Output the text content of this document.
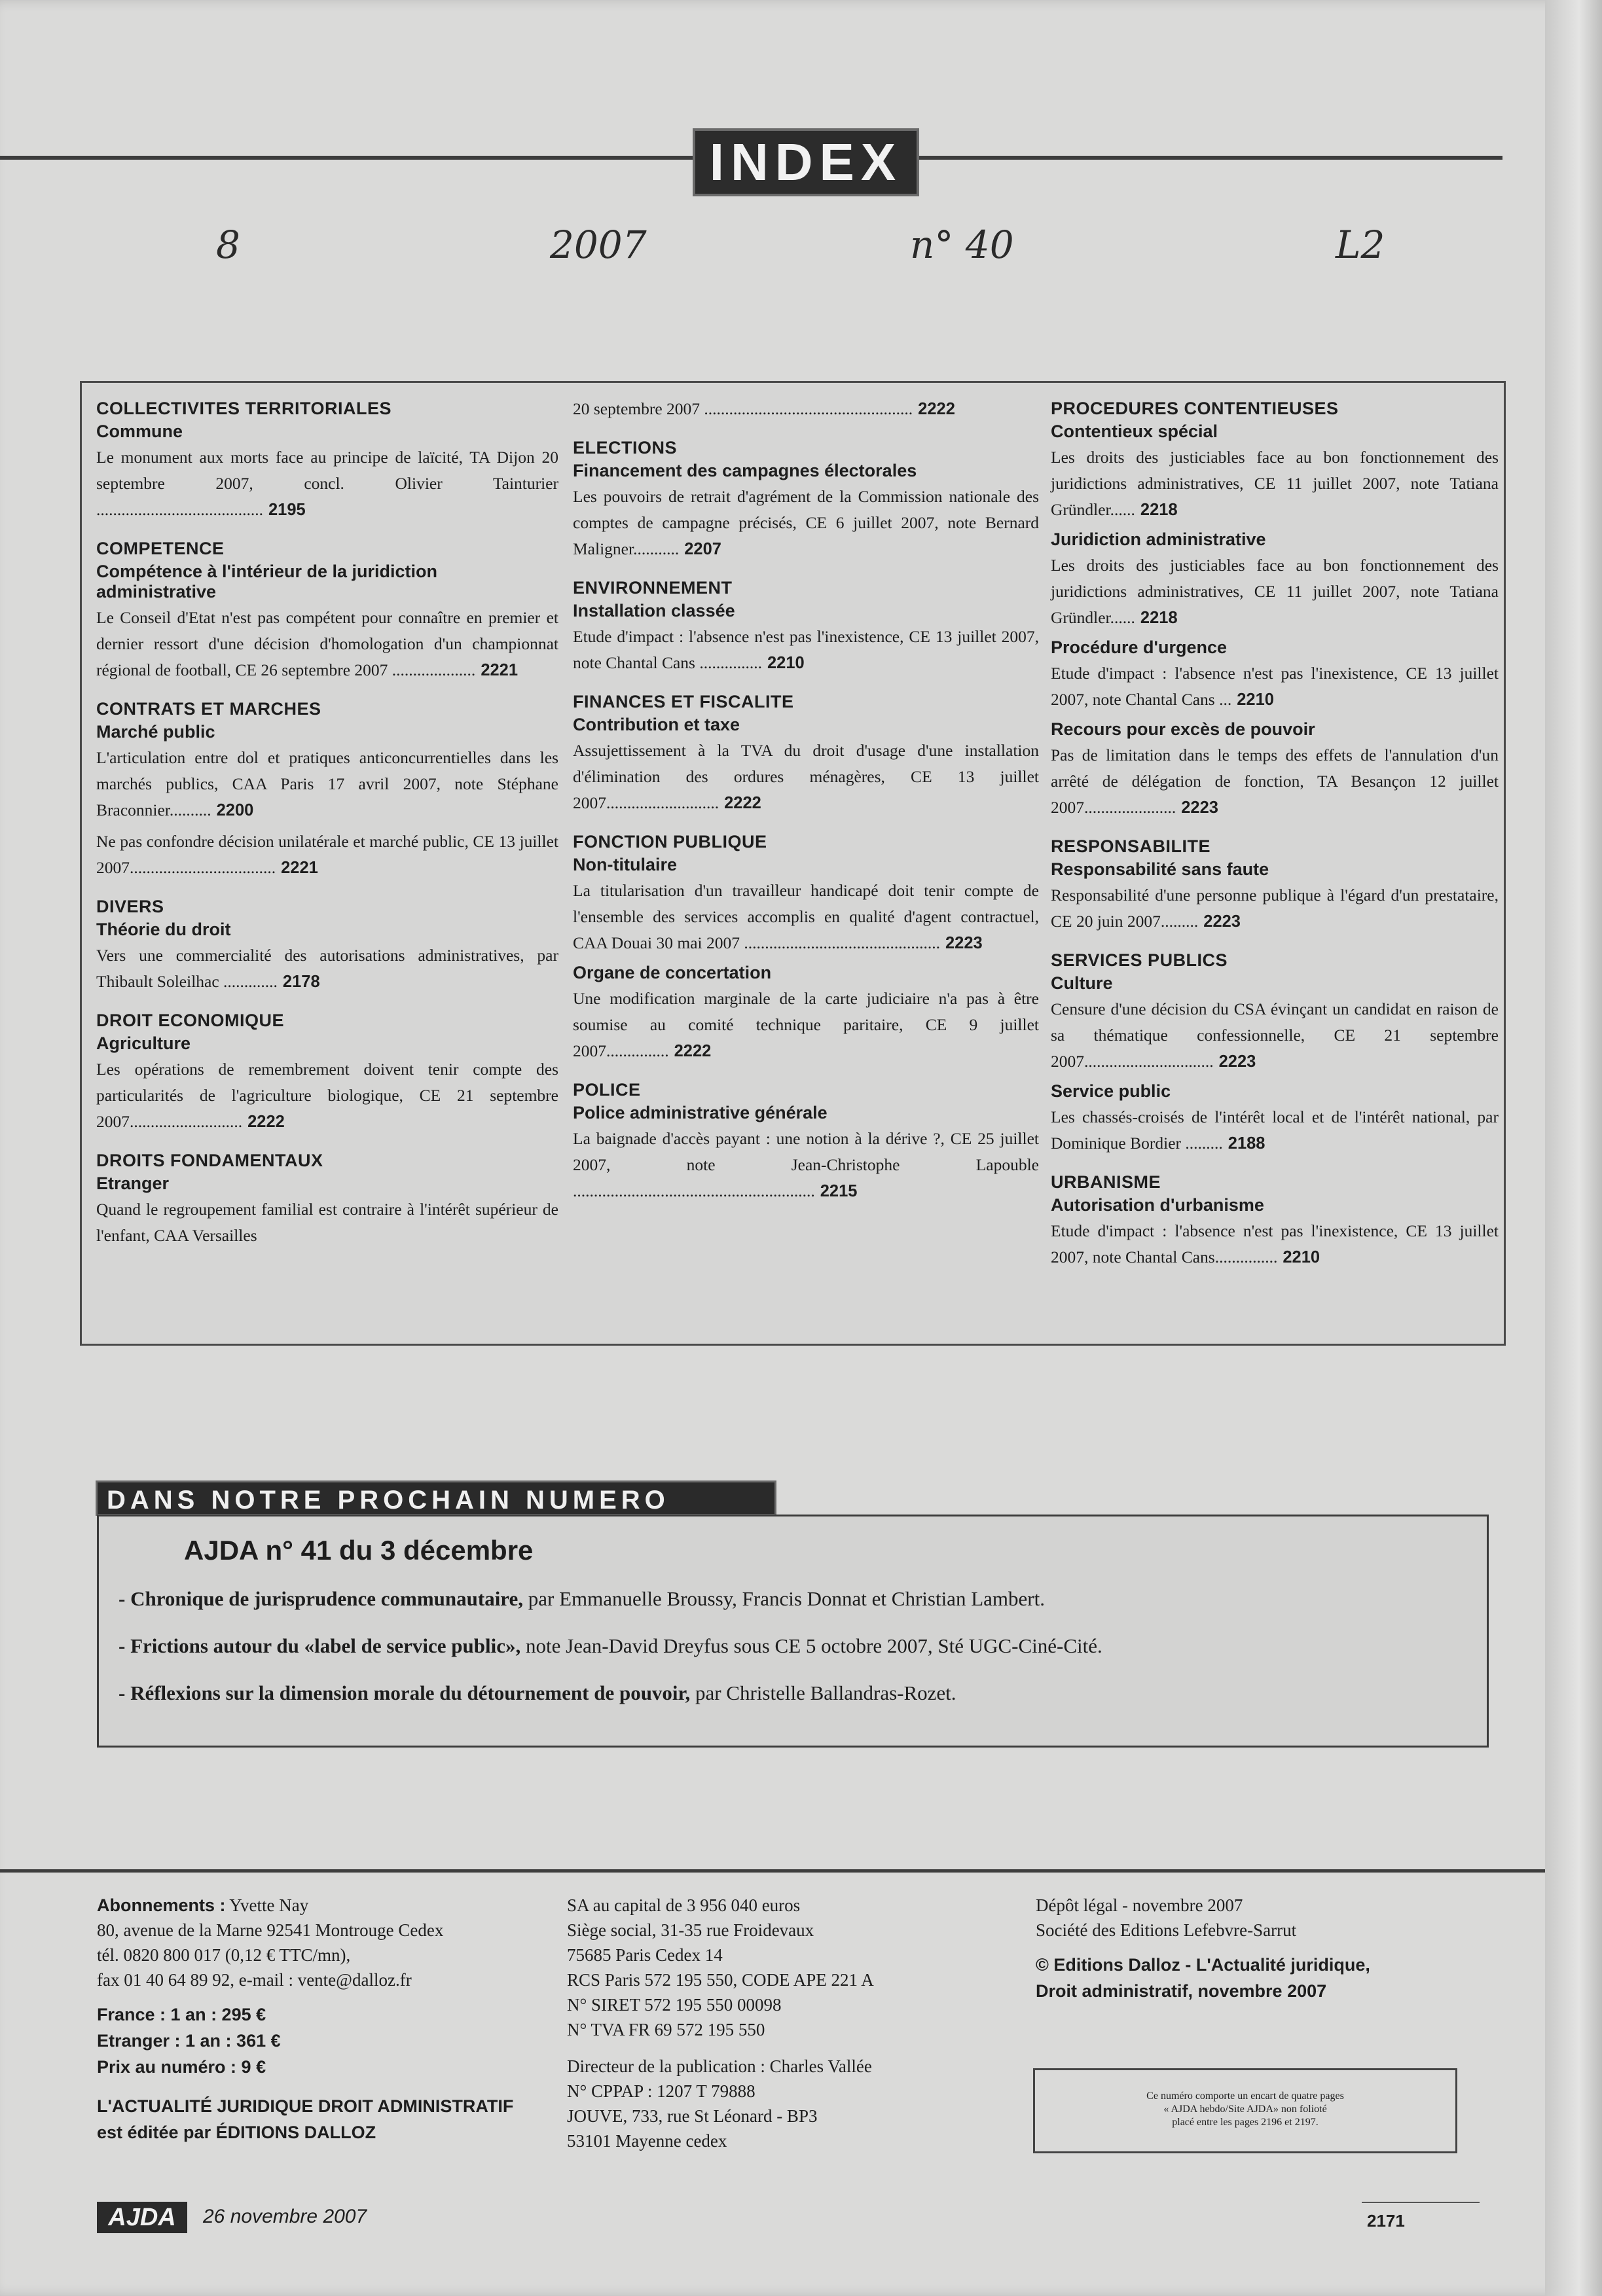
INDEX
8	2007	n° 40	L2
COLLECTIVITES TERRITORIALES
Commune
Le monument aux morts face au principe de laïcité, TA Dijon 20 septembre 2007, concl. Olivier Tainturier ........................................ 2195
COMPETENCE
Compétence à l'intérieur de la juridiction administrative
Le Conseil d'Etat n'est pas compétent pour connaître en premier et dernier ressort d'une décision d'homologation d'un championnat régional de football, CE 26 septembre 2007 .................... 2221
CONTRATS ET MARCHES
Marché public
L'articulation entre dol et pratiques anticoncurrentielles dans les marchés publics, CAA Paris 17 avril 2007, note Stéphane Braconnier.......... 2200
Ne pas confondre décision unilatérale et marché public, CE 13 juillet 2007................................... 2221
DIVERS
Théorie du droit
Vers une commercialité des autorisations administratives, par Thibault Soleilhac ............. 2178
DROIT ECONOMIQUE
Agriculture
Les opérations de remembrement doivent tenir compte des particularités de l'agriculture biologique, CE 21 septembre 2007........................... 2222
DROITS FONDAMENTAUX
Etranger
Quand le regroupement familial est contraire à l'intérêt supérieur de l'enfant, CAA Versailles
20 septembre 2007 .................................................. 2222
ELECTIONS
Financement des campagnes électorales
Les pouvoirs de retrait d'agrément de la Commission nationale des comptes de campagne précisés, CE 6 juillet 2007, note Bernard Maligner........... 2207
ENVIRONNEMENT
Installation classée
Etude d'impact : l'absence n'est pas l'inexistence, CE 13 juillet 2007, note Chantal Cans ............... 2210
FINANCES ET FISCALITE
Contribution et taxe
Assujettissement à la TVA du droit d'usage d'une installation d'élimination des ordures ménagères, CE 13 juillet 2007........................... 2222
FONCTION PUBLIQUE
Non-titulaire
La titularisation d'un travailleur handicapé doit tenir compte de l'ensemble des services accomplis en qualité d'agent contractuel, CAA Douai 30 mai 2007 ............................................... 2223
Organe de concertation
Une modification marginale de la carte judiciaire n'a pas à être soumise au comité technique paritaire, CE 9 juillet 2007............... 2222
POLICE
Police administrative générale
La baignade d'accès payant : une notion à la dérive ?, CE 25 juillet 2007, note Jean-Christophe Lapouble .......................................................... 2215
PROCEDURES CONTENTIEUSES
Contentieux spécial
Les droits des justiciables face au bon fonctionnement des juridictions administratives, CE 11 juillet 2007, note Tatiana Gründler...... 2218
Juridiction administrative
Les droits des justiciables face au bon fonctionnement des juridictions administratives, CE 11 juillet 2007, note Tatiana Gründler...... 2218
Procédure d'urgence
Etude d'impact : l'absence n'est pas l'inexistence, CE 13 juillet 2007, note Chantal Cans ... 2210
Recours pour excès de pouvoir
Pas de limitation dans le temps des effets de l'annulation d'un arrêté de délégation de fonction, TA Besançon 12 juillet 2007...................... 2223
RESPONSABILITE
Responsabilité sans faute
Responsabilité d'une personne publique à l'égard d'un prestataire, CE 20 juin 2007......... 2223
SERVICES PUBLICS
Culture
Censure d'une décision du CSA évinçant un candidat en raison de sa thématique confessionnelle, CE 21 septembre 2007............................... 2223
Service public
Les chassés-croisés de l'intérêt local et de l'intérêt national, par Dominique Bordier ......... 2188
URBANISME
Autorisation d'urbanisme
Etude d'impact : l'absence n'est pas l'inexistence, CE 13 juillet 2007, note Chantal Cans............... 2210
DANS NOTRE PROCHAIN NUMERO
AJDA n° 41 du 3 décembre
- Chronique de jurisprudence communautaire, par Emmanuelle Broussy, Francis Donnat et Christian Lambert.
- Frictions autour du «label de service public», note Jean-David Dreyfus sous CE 5 octobre 2007, Sté UGC-Ciné-Cité.
- Réflexions sur la dimension morale du détournement de pouvoir, par Christelle Ballandras-Rozet.
Abonnements : Yvette Nay
80, avenue de la Marne 92541 Montrouge Cedex
tél. 0820 800 017 (0,12 € TTC/mn),
fax 01 40 64 89 92, e-mail : vente@dalloz.fr
France : 1 an : 295 €
Etranger : 1 an : 361 €
Prix au numéro : 9 €
L'ACTUALITÉ JURIDIQUE DROIT ADMINISTRATIF
est éditée par ÉDITIONS DALLOZ
SA au capital de 3 956 040 euros
Siège social, 31-35 rue Froidevaux
75685 Paris Cedex 14
RCS Paris 572 195 550, CODE APE 221 A
N° SIRET 572 195 550 00098
N° TVA FR 69 572 195 550
Directeur de la publication : Charles Vallée
N° CPPAP : 1207 T 79888
JOUVE, 733, rue St Léonard - BP3
53101 Mayenne cedex
Dépôt légal - novembre 2007
Société des Editions Lefebvre-Sarrut
© Editions Dalloz - L'Actualité juridique,
Droit administratif, novembre 2007
Ce numéro comporte un encart de quatre pages
« AJDA hebdo/Site AJDA» non folioté
placé entre les pages 2196 et 2197.
AJDA	26 novembre 2007	2171
